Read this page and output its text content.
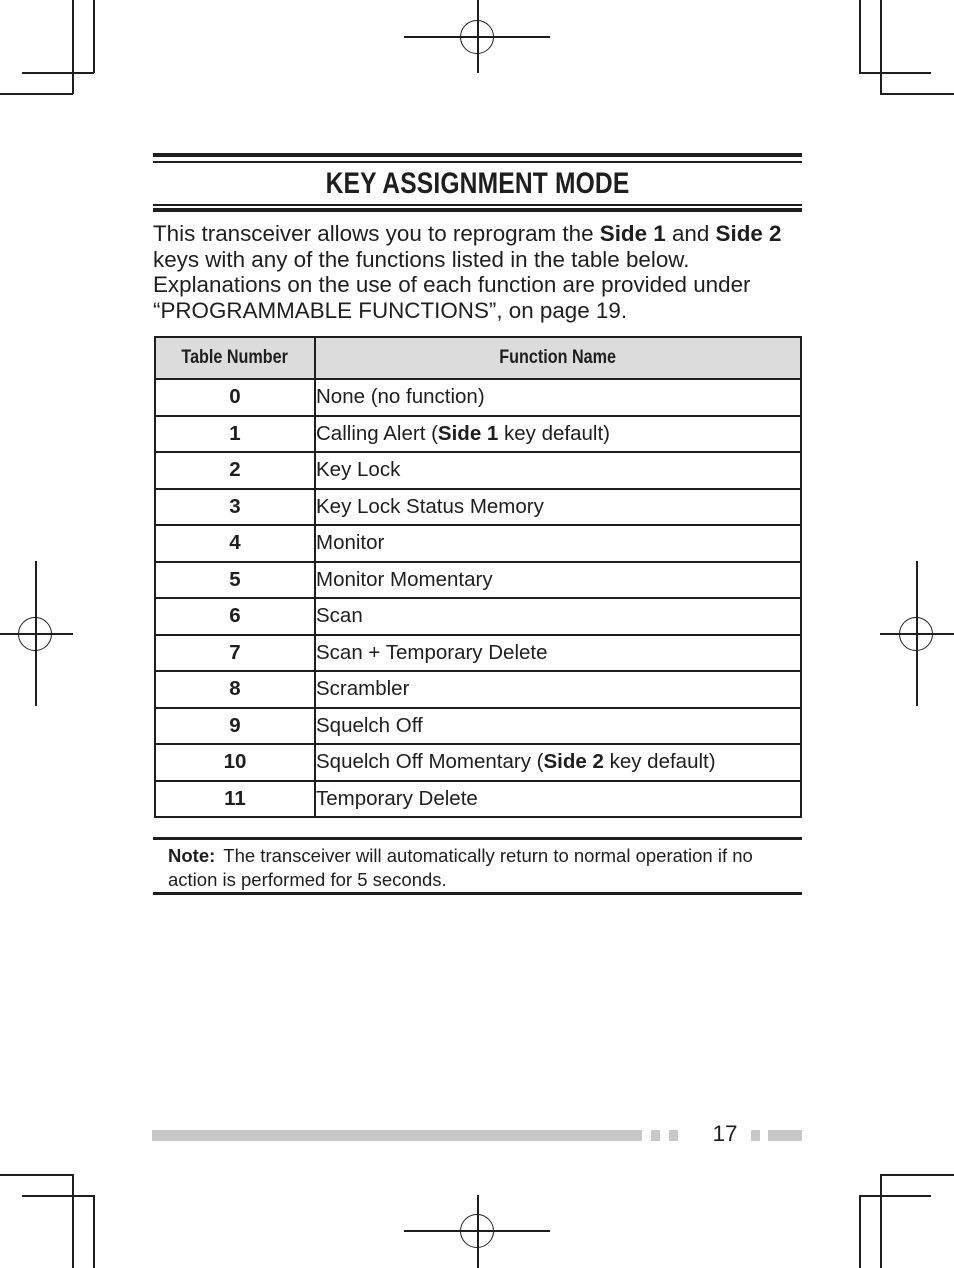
KEY ASSIGNMENT MODE
This transceiver allows you to reprogram the Side 1 and Side 2 keys with any of the functions listed in the table below. Explanations on the use of each function are provided under “PROGRAMMABLE FUNCTIONS”, on page 19.
Table Number	Function Name
0	None (no function)
1	Calling Alert (Side 1 key default)
2	Key Lock
3	Key Lock Status Memory
4	Monitor
5	Monitor Momentary
6	Scan
7	Scan + Temporary Delete
8	Scrambler
9	Squelch Off
10	Squelch Off Momentary (Side 2 key default)
11	Temporary Delete
Note: The transceiver will automatically return to normal operation if no action is performed for 5 seconds.
17
